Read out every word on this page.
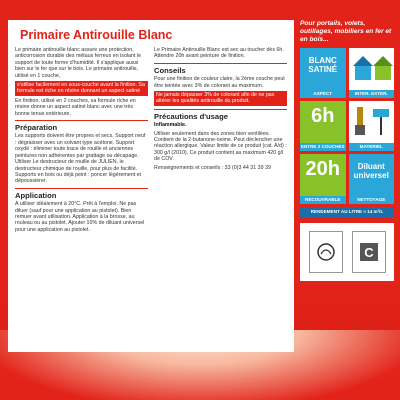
Primaire Antirouille Blanc

Le primaire antirouille blanc assure une protection, anticorrosion durable des métaux ferreux en isolant le support de toute forme d'humidité. Il s'applique aussi bien sur le fer que sur le bois. Le primaire antirouille, utilisé en 1 couche,

s'utilise facilement en sous-couche avant la finition. Sa formule est riche en résine donnant un aspect satiné

En finition, utilisé en 2 couches, sa formule riche en résine donne un aspect satiné blanc avec une très bonne tenue extérieure.

Préparation

Les supports doivent être propres et secs. Support neuf : dégraisser avec un solvant type acétone. Support oxydé : éliminer toute trace de rouille et anciennes peintures non adhérentes par grattage ou décapage. Utiliser Le destructeur de rouille de JULIEN, le destructeur chimique de rouille, pour plus de facilité. Supports en bois ou déjà peint : poncer légèrement et dépoussiérer.

Application

A utiliser idéalement à 20°C. Prêt à l'emploi. Ne pas diluer (sauf pour une application au pistolet). Bien remuer avant utilisation. Application à la brosse, au rouleau ou au pistolet. Ajouter 10% de diluant universel pour une application au pistolet.

Le Primaire Antirouille Blanc est sec au toucher dès 6h. Attendre 20h avant peinture de finition.

Conseils

Pour une finition de couleur claire, la 2ème couche peut être teintée avec 3% de colorant au maximum.

Ne jamais dépasser 3% de colorant afin de ne pas altérer les qualités antirouille du produit.
Précautions d'usage

Inflammable.

Utiliser seulement dans des zones bien ventilées. Contient de la 2-butanone-oxime. Peut déclencher une réaction allergique. Valeur limite de ce produit (cat. A/d) : 300 g/l (2010). Ce produit contient au maximum 420 g/l de COV.

Renseignements et conseils : 33 (0)3 44 31 39 39

Pour portails, volets, outillages, mobiliers en fer et en bois...
BLANC SATINÉ
ASPECT	INTER. EXTER.
6h
ENTRE 2 COUCHES	MATERIEL
20h
RECOUVRABLE
Diluant universel
NETTOYAGE
RENDEMENT AU LITRE ≈ 14 m²/L
C
